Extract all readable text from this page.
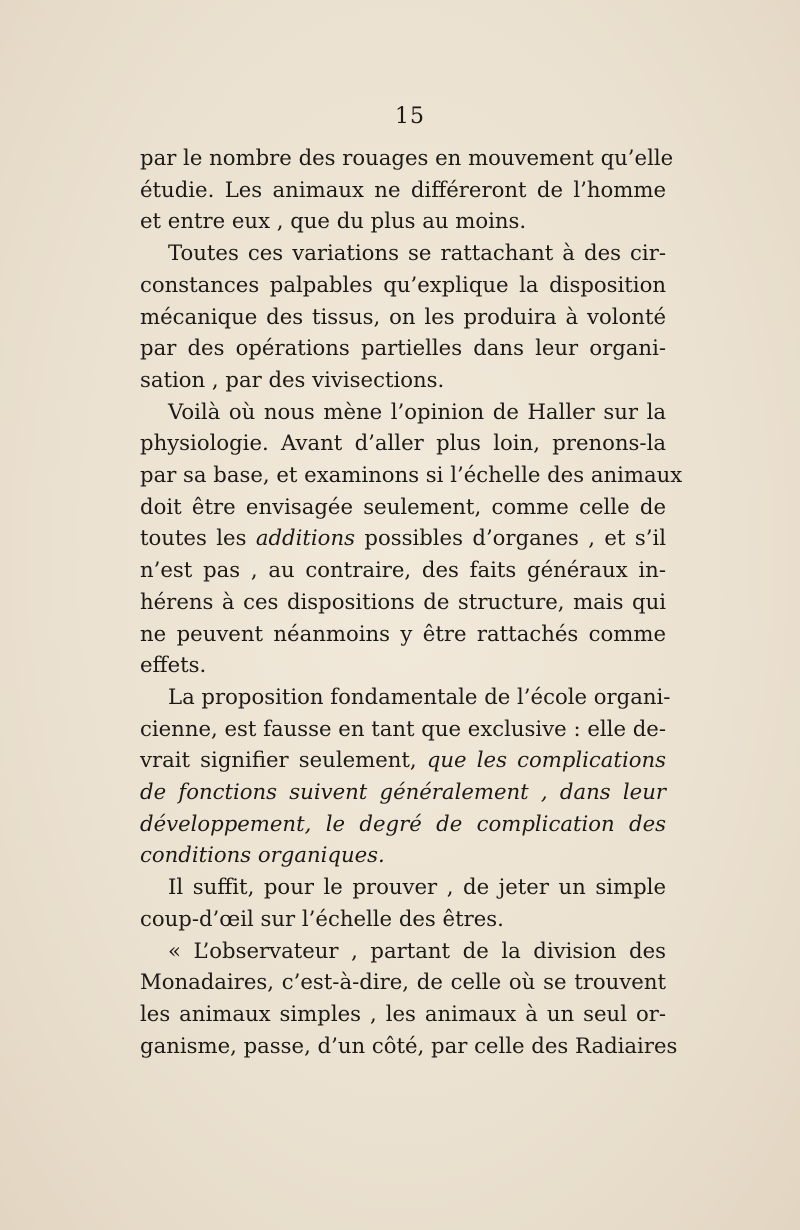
15
par le nombre des rouages en mouvement qu’elle
étudie. Les animaux ne différeront de l’homme
et entre eux , que du plus au moins.
Toutes ces variations se rattachant à des cir-
constances palpables qu’explique la disposition
mécanique des tissus, on les produira à volonté
par des opérations partielles dans leur organi-
sation , par des vivisections.
Voilà où nous mène l’opinion de Haller sur la
physiologie. Avant d’aller plus loin, prenons-la
par sa base, et examinons si l’échelle des animaux
doit être envisagée seulement, comme celle de
toutes les additions possibles d’organes , et s’il
n’est pas , au contraire, des faits généraux in-
hérens à ces dispositions de structure, mais qui
ne peuvent néanmoins y être rattachés comme
effets.
La proposition fondamentale de l’école organi-
cienne, est fausse en tant que exclusive : elle de-
vrait signifier seulement, que les complications
de fonctions suivent généralement , dans leur
développement, le degré de complication des
conditions organiques.
Il suffit, pour le prouver , de jeter un simple
coup-d’œil sur l’échelle des êtres.
« L’observateur , partant de la division des
Monadaires, c’est-à-dire, de celle où se trouvent
les animaux simples , les animaux à un seul or-
ganisme, passe, d’un côté, par celle des Radiaires
